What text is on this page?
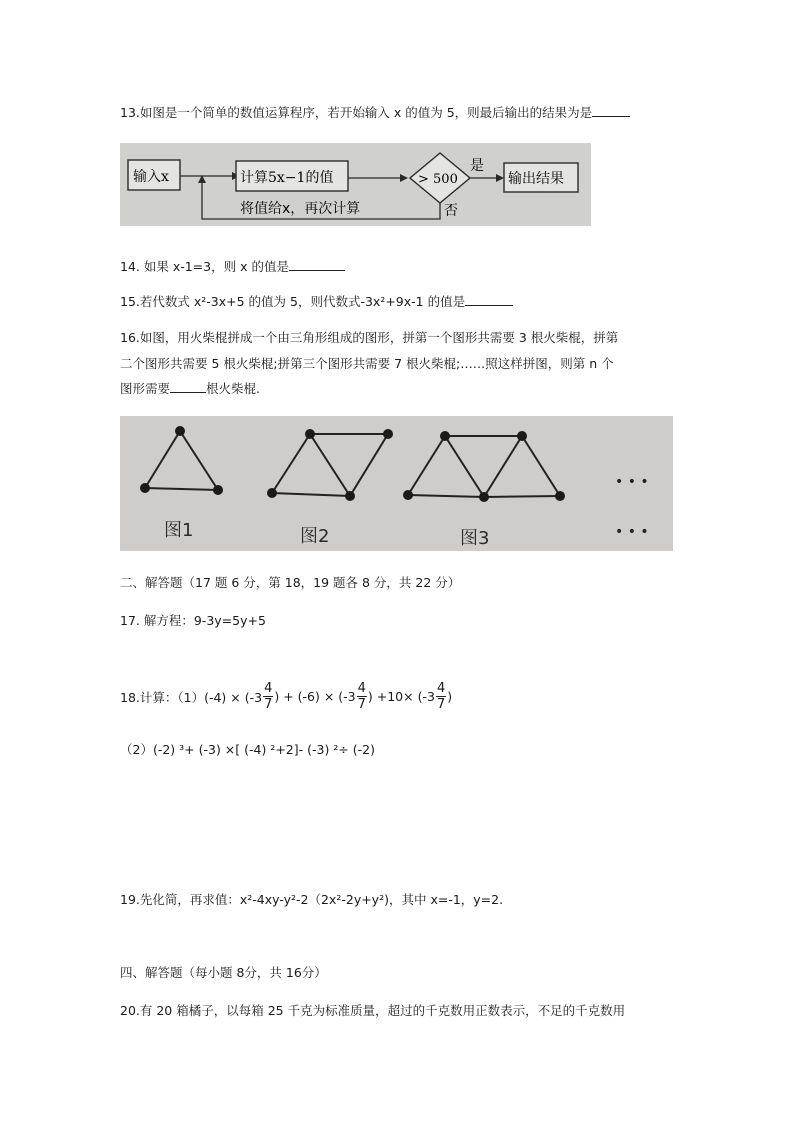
13.如图是一个简单的数值运算程序，若开始输入 x 的值为 5，则最后输出的结果为是
输入x	计算5x−1的值	> 500
是
输出结果
否
将值给x，再次计算
14. 如果 x-1=3，则 x 的值是
15.若代数式 x²-3x+5 的值为 5，则代数式-3x²+9x-1 的值是
16.如图，用火柴棍拼成一个由三角形组成的图形，拼第一个图形共需要 3 根火柴棍，拼第
二个图形共需要 5 根火柴棍;拼第三个图形共需要 7 根火柴棍;……照这样拼图，则第 n 个
图形需要	根火柴棍.
• • •
• • •
图1	图2	图3
二、解答题（17 题 6 分，第 18，19 题各 8 分，共 22 分）
17. 解方程：9-3y=5y+5
18.计算：$(1)(-4) \times (-3 \frac{4}{7}$ ) + $(-6) \times (-3 \frac{4}{7}$ ) $+10\times (-3 \frac{4}{7}$ )
（2）(-2) ³+ (-3) ×[ (-4) ²+2]- (-3) ²÷ (-2)
19.先化简，再求值：x²-4xy-y²-2（2x²-2y+y²)，其中 x=-1，y=2.
四、解答题（每小题 8分，共 16分）
20.有 20 箱橘子，以每箱 25 千克为标准质量，超过的千克数用正数表示，不足的千克数用
